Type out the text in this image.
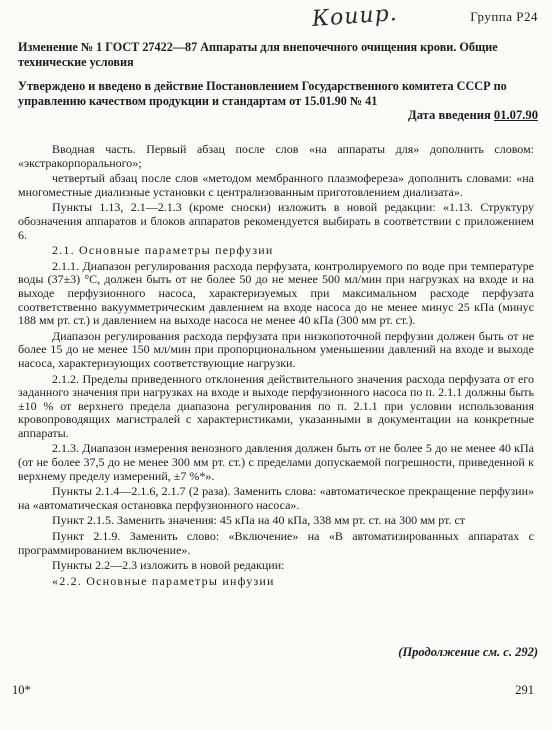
Коиир.	Группа Р24

Изменение № 1 ГОСТ 27422—87 Аппараты для внепочечного очищения крови. Общие технические условия

Утверждено и введено в действие Постановлением Государственного комитета СССР по управлению качеством продукции и стандартам от 15.01.90 № 41

Дата введения 01.07.90

Вводная часть. Первый абзац после слов «на аппараты для» дополнить словом: «экстракорпорального»;

четвертый абзац после слов «методом мембранного плазмофереза» дополнить словами: «на многоместные диализные установки с централизованным приготовлением диализата».

Пункты 1.13, 2.1—2.1.3 (кроме сноски) изложить в новой редакции: «1.13. Структуру обозначения аппаратов и блоков аппаратов рекомендуется выбирать в соответствии с приложением 6.

2.1. Основные параметры перфузии

2.1.1. Диапазон регулирования расхода перфузата, контролируемого по воде при температуре воды (37±3) °С, должен быть от не более 50 до не менее 500 мл/мин при нагрузках на входе и на выходе перфузионного насоса, характеризуемых при максимальном расходе перфузата соответственно вакуумметрическим давлением на входе насоса до не менее минус 25 кПа (минус 188 мм рт. ст.) и давлением на выходе насоса не менее 40 кПа (300 мм рт. ст.).

Диапазон регулирования расхода перфузата при низкопоточной перфузии должен быть от не более 15 до не менее 150 мл/мин при пропорциональном уменьшении давлений на входе и выходе насоса, характеризующих соответствующие нагрузки.

2.1.2. Пределы приведенного отклонения действительного значения расхода перфузата от его заданного значения при нагрузках на входе и выходе перфузионного насоса по п. 2.1.1 должны быть ±10 % от верхнего предела диапазона регулирования по п. 2.1.1 при условии использования кровопроводящих магистралей с характеристиками, указанными в документации на конкретные аппараты.

2.1.3. Диапазон измерения венозного давления должен быть от не более 5 до не менее 40 кПа (от не более 37,5 до не менее 300 мм рт. ст.) с пределами допускаемой погрешности, приведенной к верхнему пределу измерений, ±7 %*».

Пункты 2.1.4—2.1.6, 2.1.7 (2 раза). Заменить слова: «автоматическое прекращение перфузии» на «автоматическая остановка перфузионного насоса».

Пункт 2.1.5. Заменить значения: 45 кПа на 40 кПа, 338 мм рт. ст. на 300 мм рт. ст

Пункт 2.1.9. Заменить слово: «Включение» на «В автоматизированных аппаратах с программированием включение».

Пункты 2.2—2.3 изложить в новой редакции:

«2.2. Основные параметры инфузии

(Продолжение см. с. 292)
10*	291
